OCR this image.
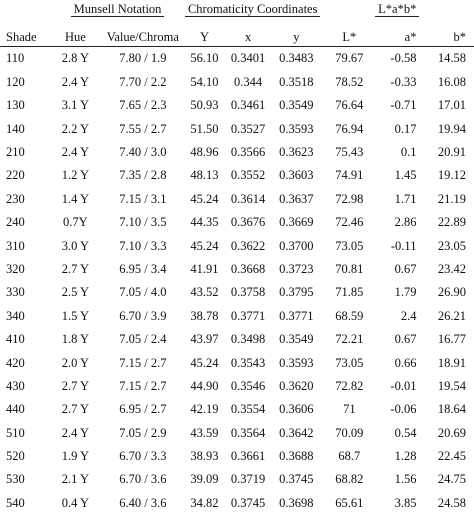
	Munsell Notation		Chromaticity Coordinates			L*a*b*		
Shade	Hue	Value/Chroma	Y	x	y	L*	a*	b*
110	2.8 Y	7.80 / 1.9	56.10	0.3401	0.3483	79.67	-0.58	14.58
120	2.4 Y	7.70 / 2.2	54.10	0.344	0.3518	78.52	-0.33	16.08
130	3.1 Y	7.65 / 2.3	50.93	0.3461	0.3549	76.64	-0.71	17.01
140	2.2 Y	7.55 / 2.7	51.50	0.3527	0.3593	76.94	0.17	19.94
210	2.4 Y	7.40 / 3.0	48.96	0.3566	0.3623	75.43	0.1	20.91
220	1.2 Y	7.35 / 2.8	48.13	0.3552	0.3603	74.91	1.45	19.12
230	1.4 Y	7.15 / 3.1	45.24	0.3614	0.3637	72.98	1.71	21.19
240	0.7Y	7.10 / 3.5	44.35	0.3676	0.3669	72.46	2.86	22.89
310	3.0 Y	7.10 / 3.3	45.24	0.3622	0.3700	73.05	-0.11	23.05
320	2.7 Y	6.95 / 3.4	41.91	0.3668	0.3723	70.81	0.67	23.42
330	2.5 Y	7.05 / 4.0	43.52	0.3758	0.3795	71.85	1.79	26.90
340	1.5 Y	6.70 / 3.9	38.78	0.3771	0.3771	68.59	2.4	26.21
410	1.8 Y	7.05 / 2.4	43.97	0.3498	0.3549	72.21	0.67	16.77
420	2.0 Y	7.15 / 2.7	45.24	0.3543	0.3593	73.05	0.66	18.91
430	2.7 Y	7.15 / 2.7	44.90	0.3546	0.3620	72.82	-0.01	19.54
440	2.7 Y	6.95 / 2.7	42.19	0.3554	0.3606	71	-0.06	18.64
510	2.4 Y	7.05 / 2.9	43.59	0.3564	0.3642	70.09	0.54	20.69
520	1.9 Y	6.70 / 3.3	38.93	0.3661	0.3688	68.7	1.28	22.45
530	2.1 Y	6.70 / 3.6	39.09	0.3719	0.3745	68.82	1.56	24.75
540	0.4 Y	6.40 / 3.6	34.82	0.3745	0.3698	65.61	3.85	24.58
